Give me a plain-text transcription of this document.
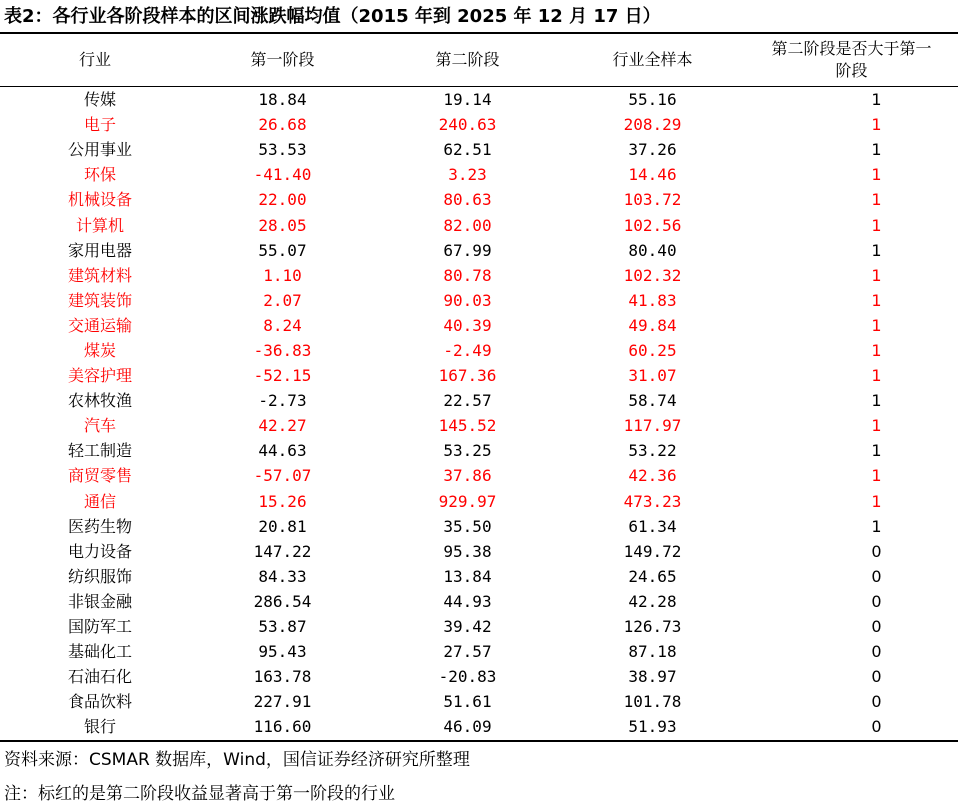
表2：各行业各阶段样本的区间涨跌幅均值（2015 年到 2025 年 12 月 17 日）
行业	第一阶段	第二阶段	行业全样本
第二阶段是否大于第一阶段
传媒	18.84	19.14	55.16	1
电子	26.68	240.63	208.29	1
公用事业	53.53	62.51	37.26	1
环保	-41.40	3.23	14.46	1
机械设备	22.00	80.63	103.72	1
计算机	28.05	82.00	102.56	1
家用电器	55.07	67.99	80.40	1
建筑材料	1.10	80.78	102.32	1
建筑装饰	2.07	90.03	41.83	1
交通运输	8.24	40.39	49.84	1
煤炭	-36.83	-2.49	60.25	1
美容护理	-52.15	167.36	31.07	1
农林牧渔	-2.73	22.57	58.74	1
汽车	42.27	145.52	117.97	1
轻工制造	44.63	53.25	53.22	1
商贸零售	-57.07	37.86	42.36	1
通信	15.26	929.97	473.23	1
医药生物	20.81	35.50	61.34	1
电力设备	147.22	95.38	149.72	0
纺织服饰	84.33	13.84	24.65	0
非银金融	286.54	44.93	42.28	0
国防军工	53.87	39.42	126.73	0
基础化工	95.43	27.57	87.18	0
石油石化	163.78	-20.83	38.97	0
食品饮料	227.91	51.61	101.78	0
银行	116.60	46.09	51.93	0
资料来源：CSMAR 数据库，Wind，国信证券经济研究所整理
注：标红的是第二阶段收益显著高于第一阶段的行业
